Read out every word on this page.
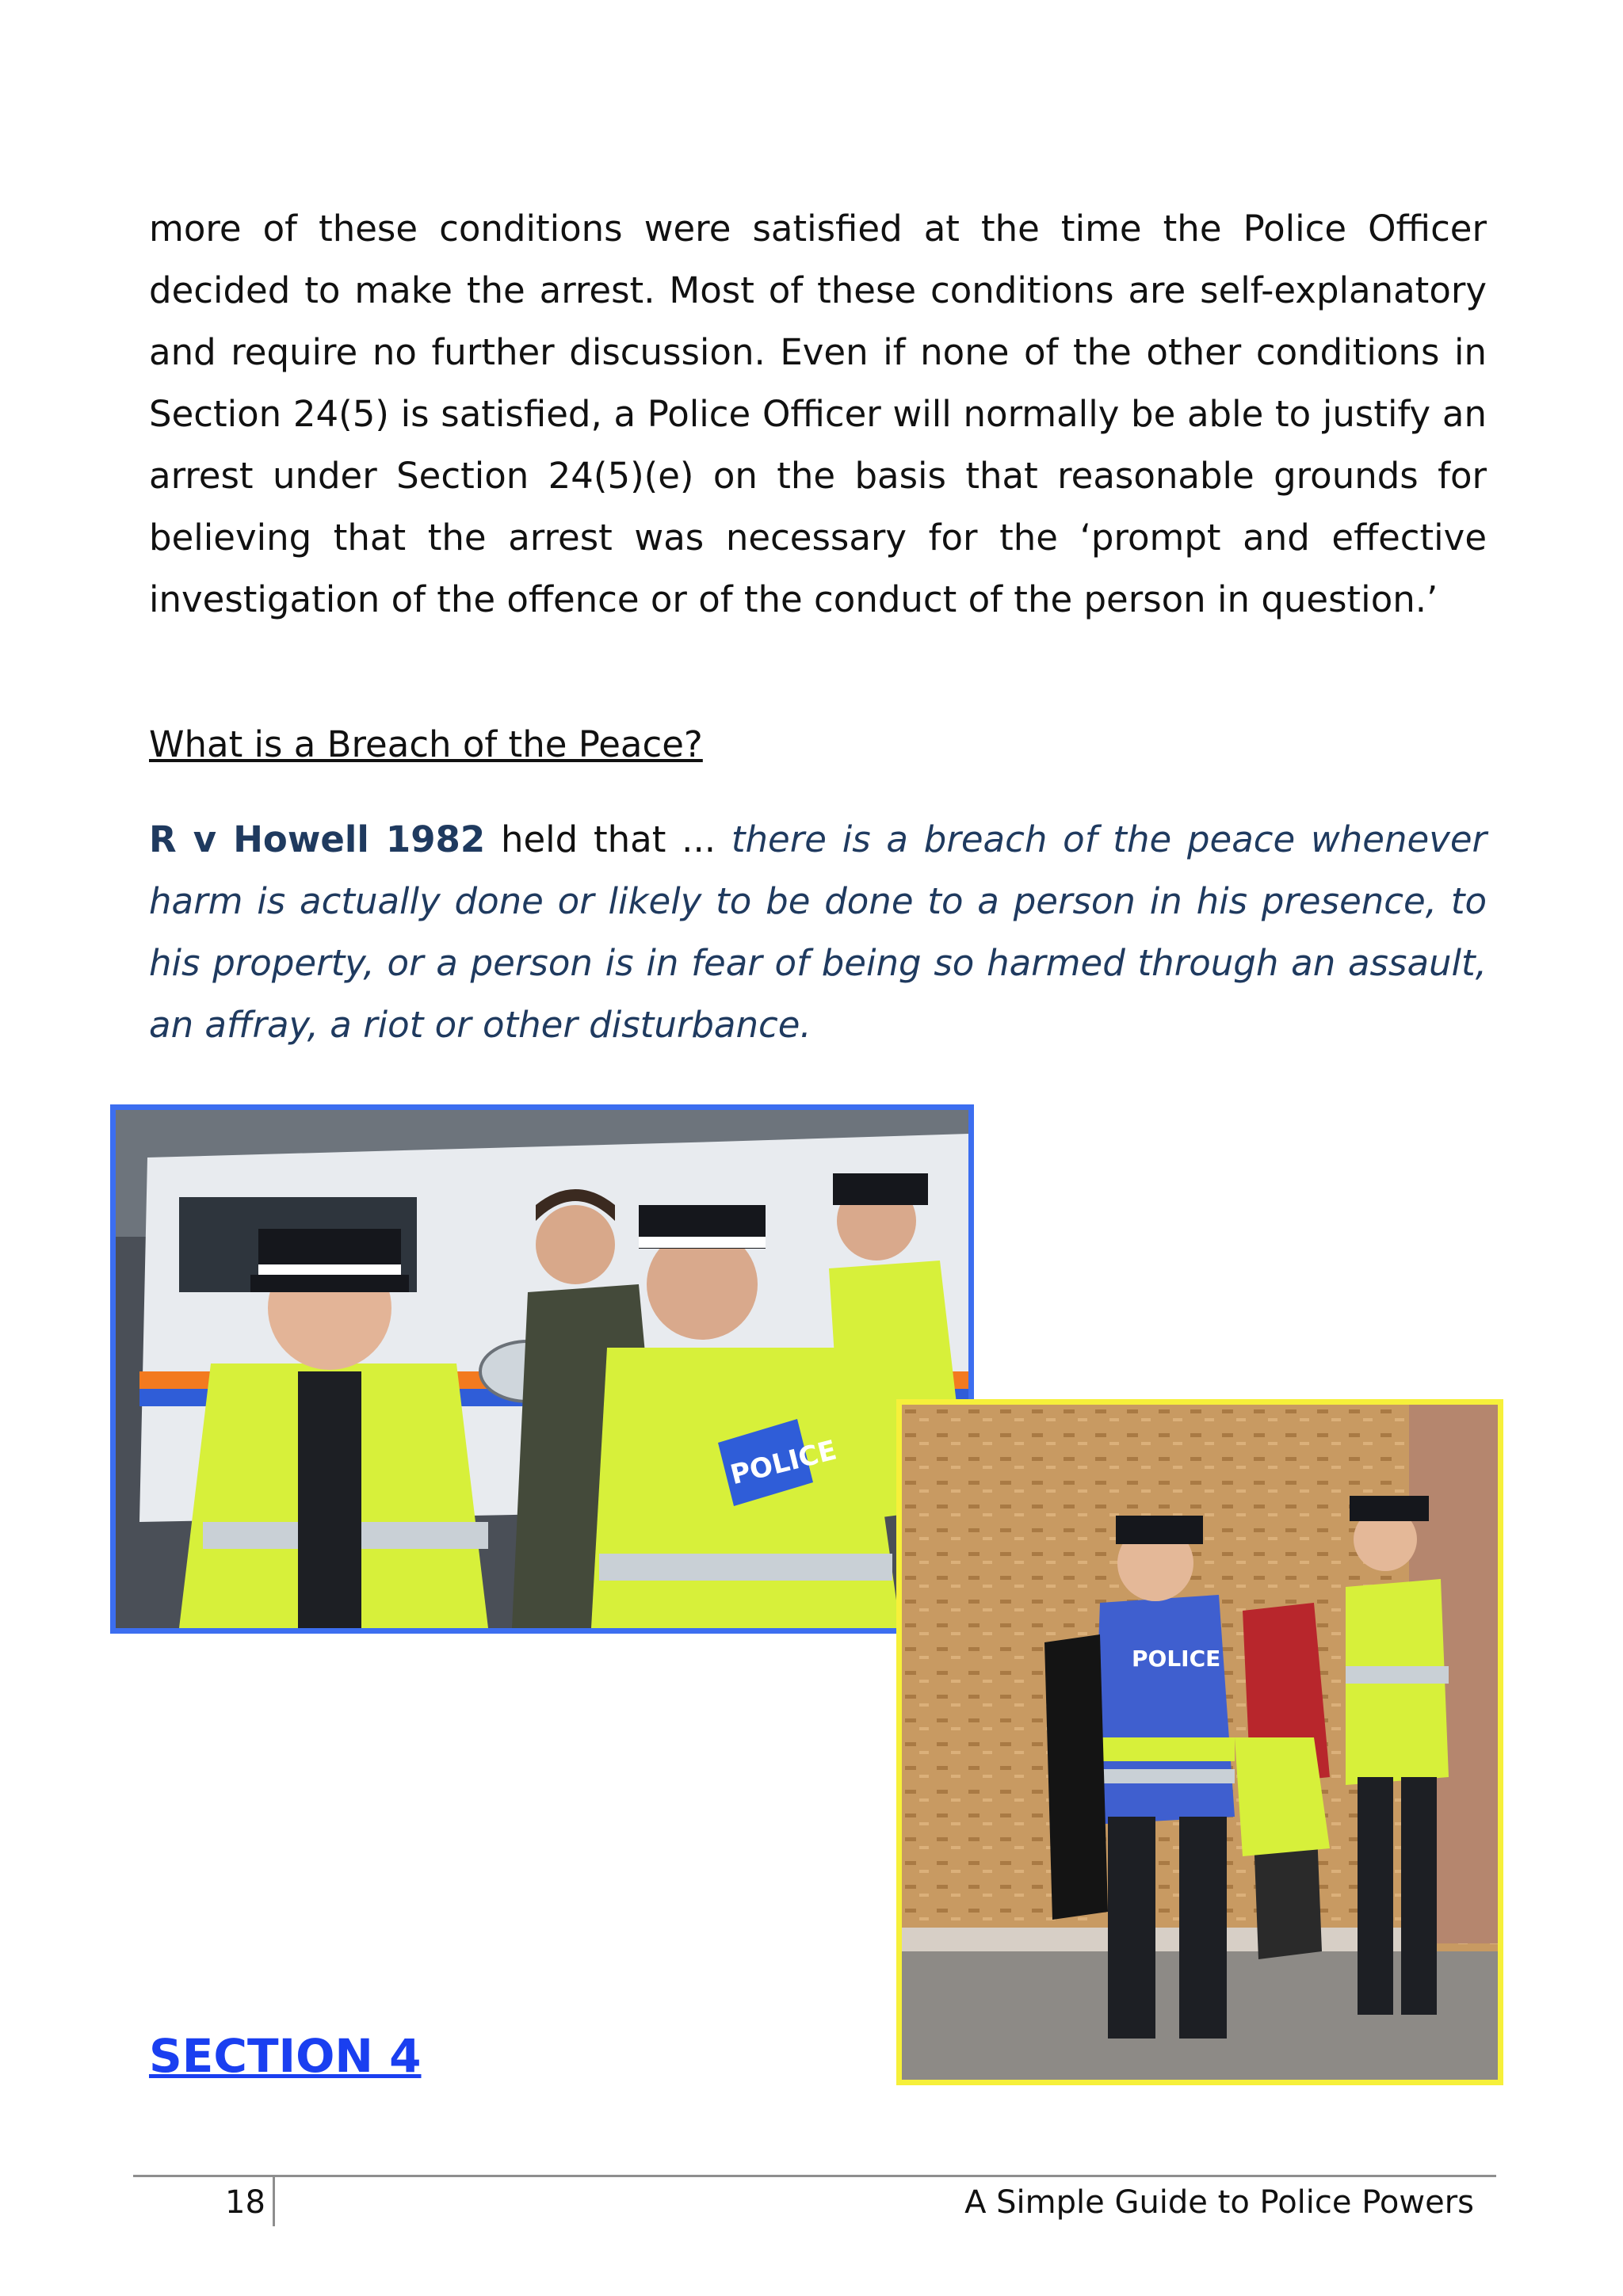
more of these conditions were satisfied at the time the Police Officer decided to make the arrest. Most of these conditions are self-explanatory and require no further discussion. Even if none of the other conditions in Section 24(5) is satisfied, a Police Officer will normally be able to justify an arrest under Section 24(5)(e) on the basis that reasonable grounds for believing that the arrest was necessary for the ‘prompt and effective investigation of the offence or of the conduct of the person in question.’

What is a Breach of the Peace?

R v Howell 1982 held that ... there is a breach of the peace whenever harm is actually done or likely to be done to a person in his presence, to his property, or a person is in fear of being so harmed through an assault, an affray, a riot or other disturbance.

POLICE
POLICE

SECTION 4

18	A Simple Guide to Police Powers
